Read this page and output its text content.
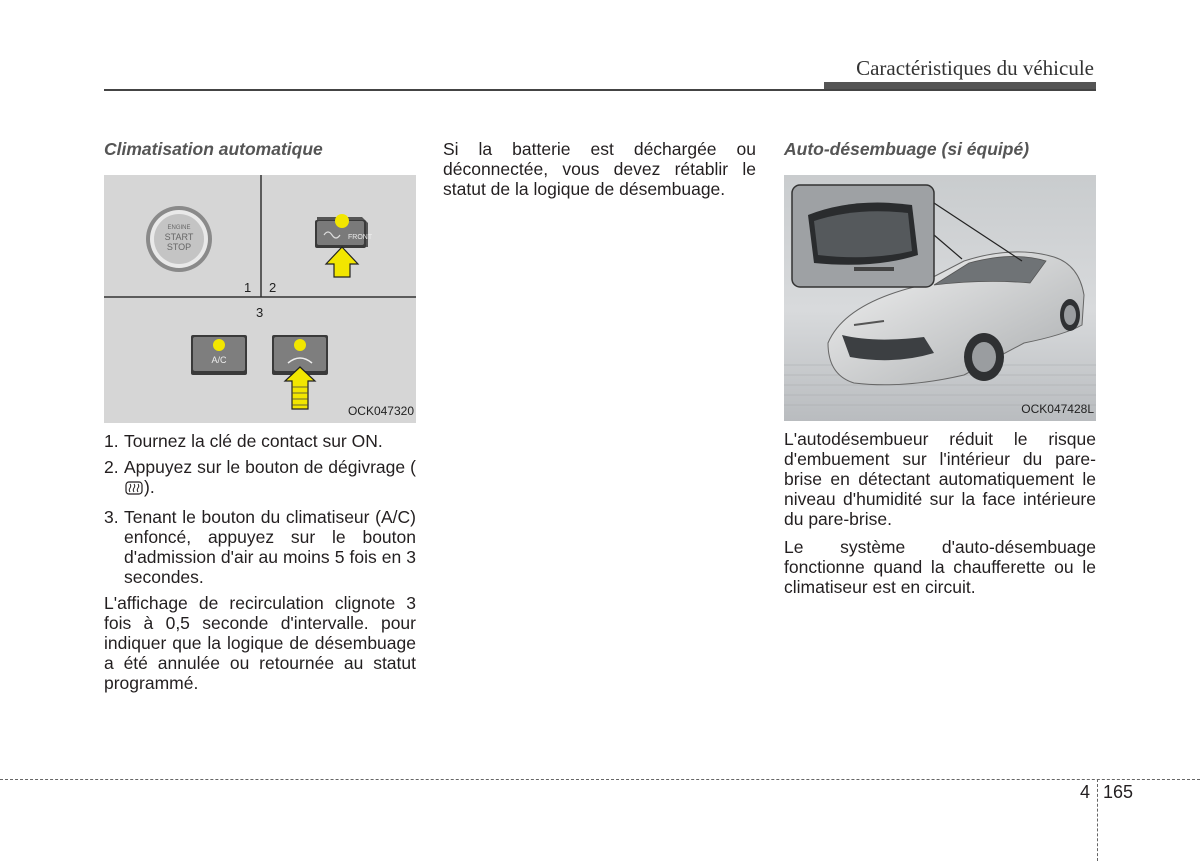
Caractéristiques du véhicule

Climatisation automatique

ENGINE
START
STOP
FRONT
A/C
1 2
3
OCK047320
1. Tournez la clé de contact sur ON.
2. Appuyez sur le bouton de dégivrage ().
3. Tenant le bouton du climatiseur (A/C) enfoncé, appuyez sur le bouton d'admission d'air au moins 5 fois en 3 secondes.

L'affichage de recirculation clignote 3 fois à 0,5 seconde d'intervalle. pour indiquer que la logique de désembuage a été annulée ou retournée au statut programmé.

Si la batterie est déchargée ou déconnectée, vous devez rétablir le statut de la logique de désembuage.

Auto-désembuage (si équipé)

OCK047428L

L'autodésembueur réduit le risque d'embuement sur l'intérieur du pare-brise en détectant automatiquement le niveau d'humidité sur la face intérieure du pare-brise.

Le système d'auto-désembuage fonctionne quand la chaufferette ou le climatiseur est en circuit.

4 165
